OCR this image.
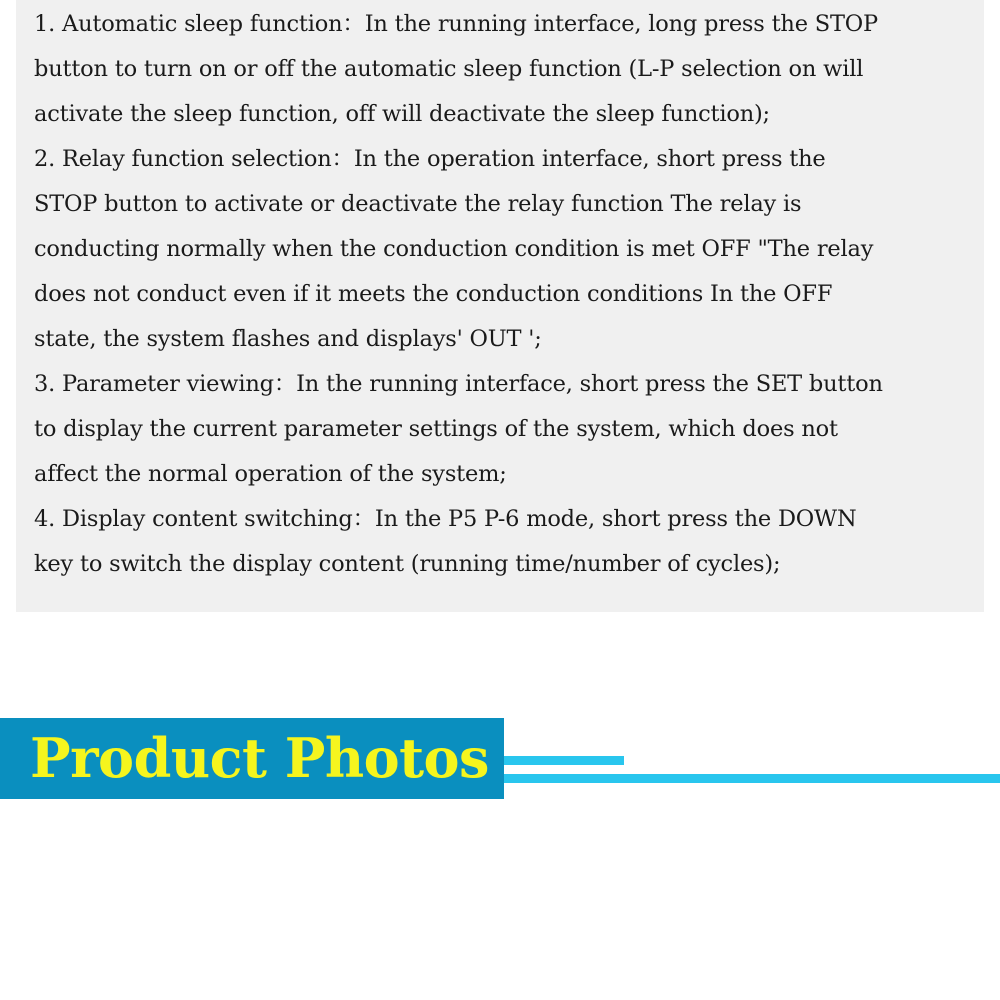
1. Automatic sleep function：In the running interface, long press the STOP
button to turn on or off the automatic sleep function (L-P selection on will
activate the sleep function, off will deactivate the sleep function);

2. Relay function selection：In the operation interface, short press the
STOP button to activate or deactivate the relay function The relay is
conducting normally when the conduction condition is met OFF "The relay
does not conduct even if it meets the conduction conditions In the OFF
state, the system flashes and displays' OUT ';

3. Parameter viewing：In the running interface, short press the SET button
to display the current parameter settings of the system, which does not
affect the normal operation of the system;

4. Display content switching：In the P5 P-6 mode, short press the DOWN
key to switch the display content (running time/number of cycles);

Product Photos
